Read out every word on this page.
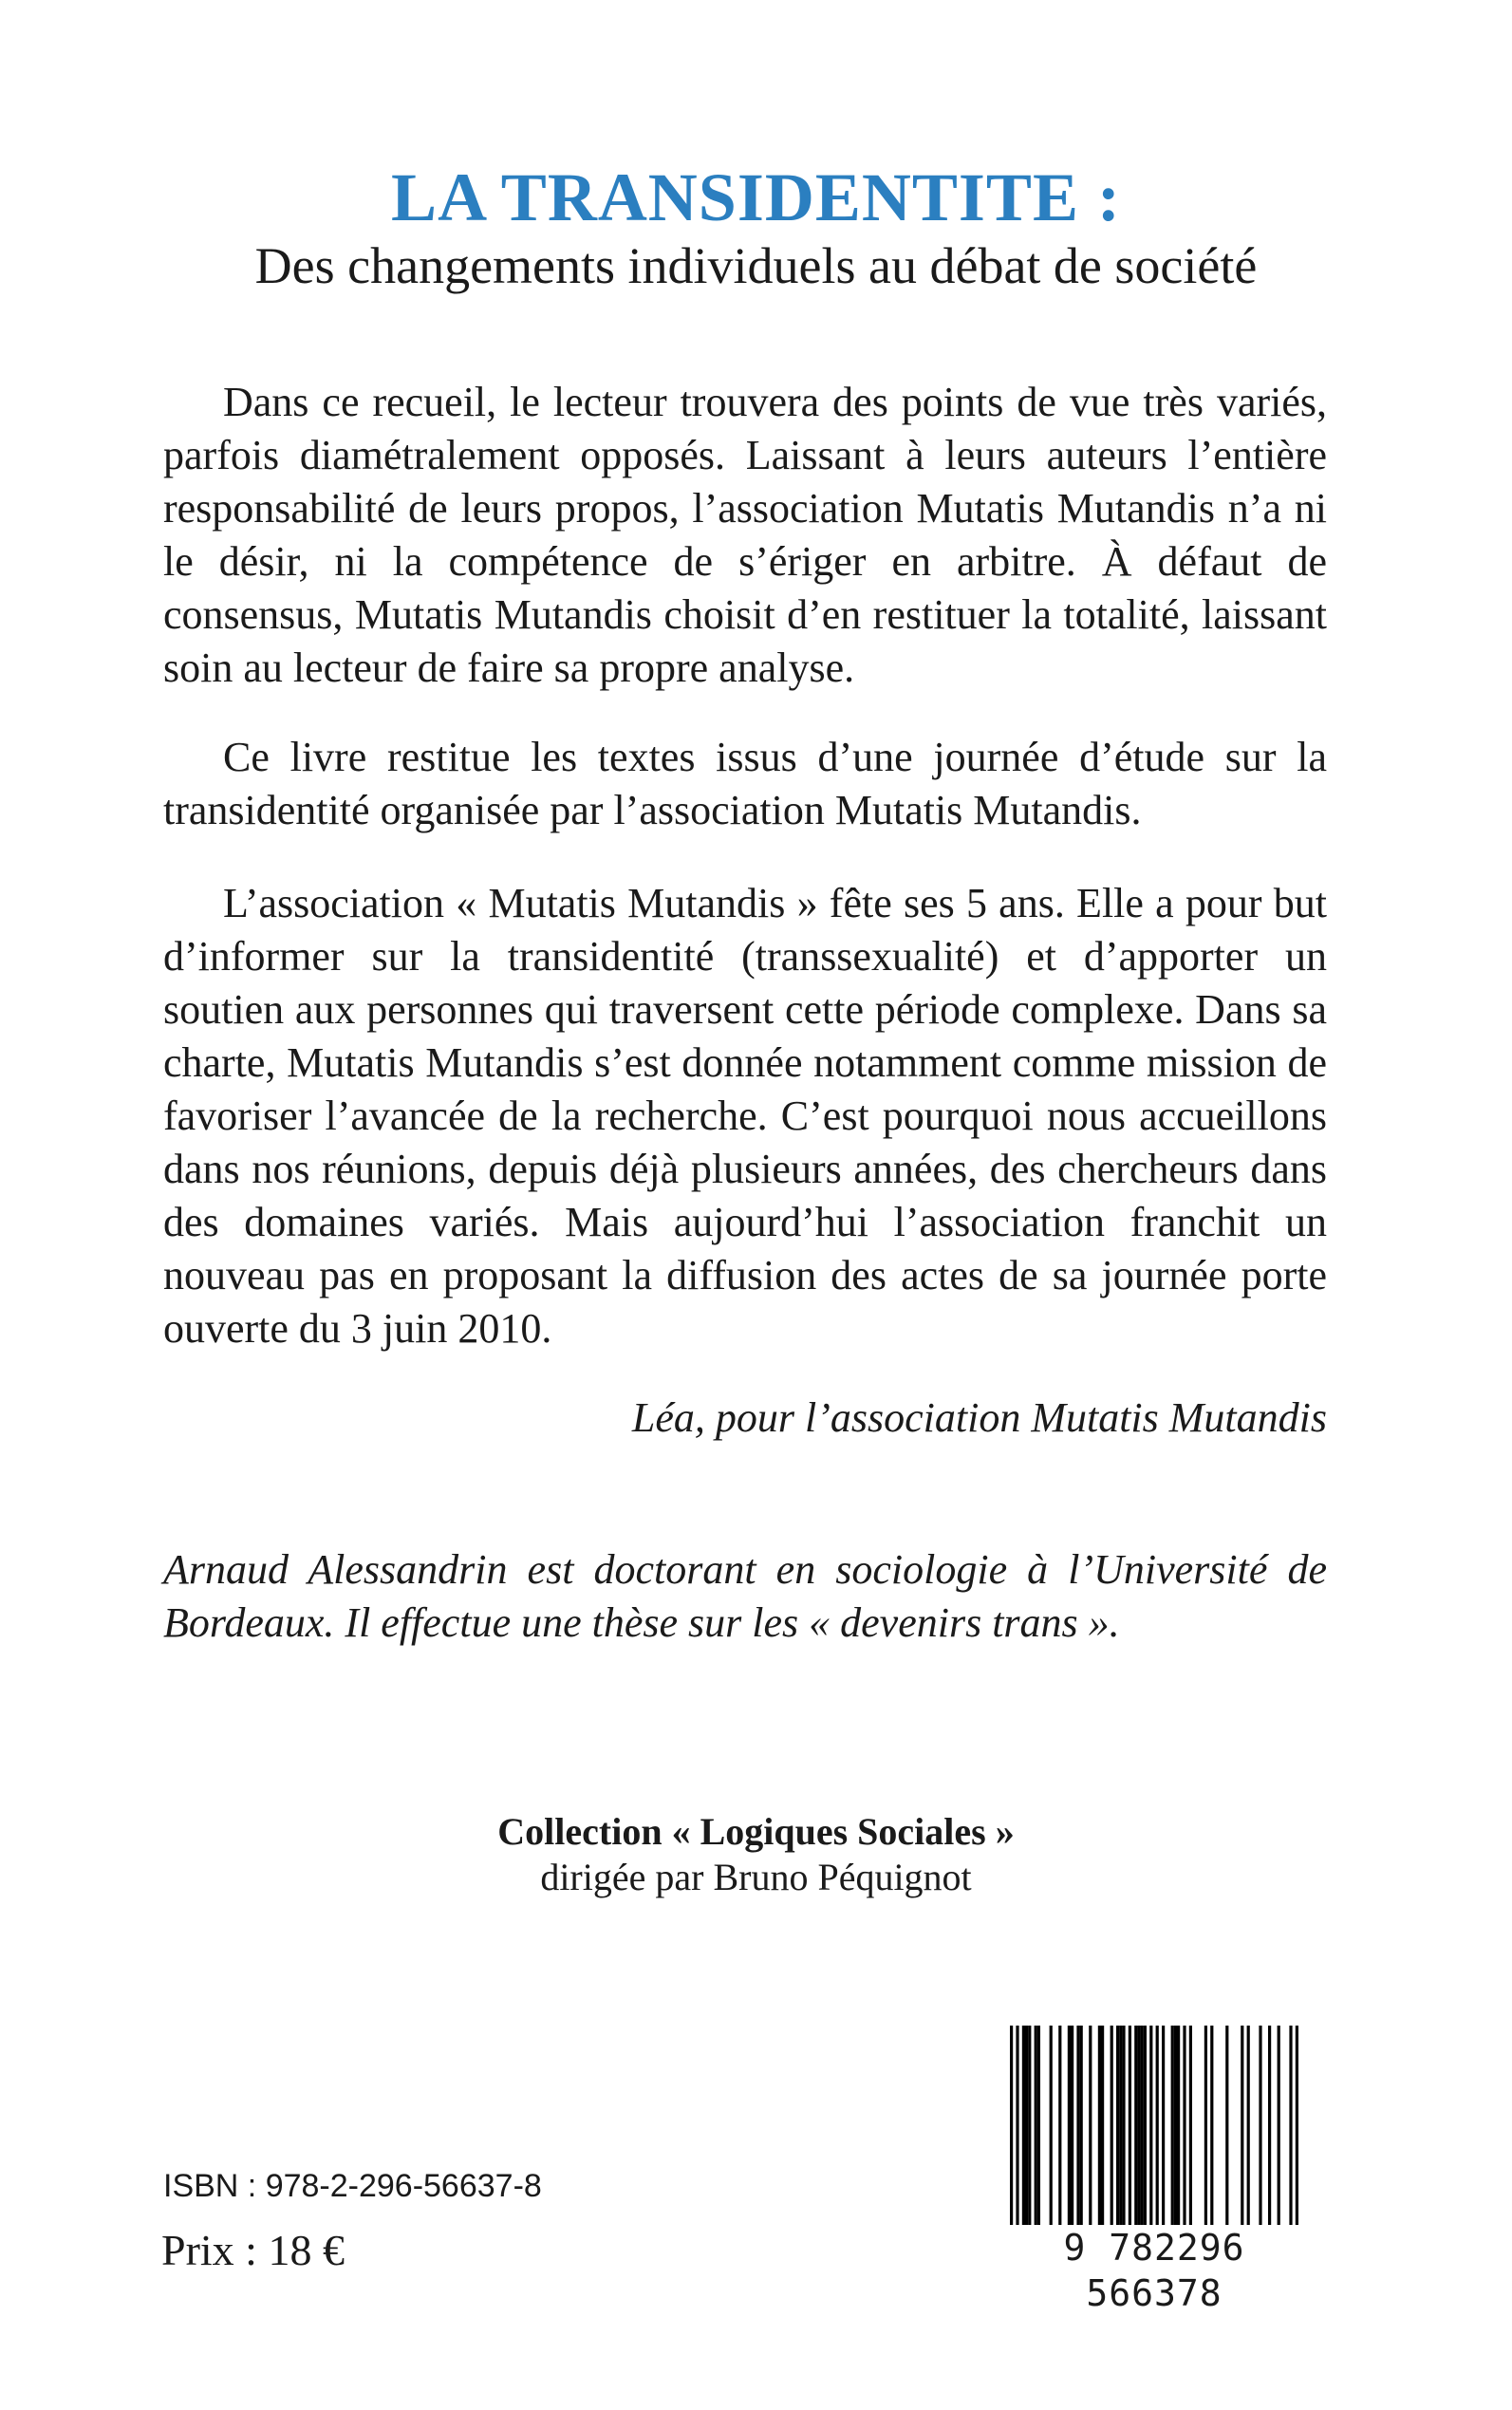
LA TRANSIDENTITE :
Des changements individuels au débat de société

Dans ce recueil, le lecteur trouvera des points de vue très variés, parfois diamétralement opposés. Laissant à leurs auteurs l’entière responsabilité de leurs propos, l’association Mutatis Mutandis n’a ni le désir, ni la compétence de s’ériger en arbitre. À défaut de consensus, Mutatis Mutandis choisit d’en restituer la totalité, laissant soin au lecteur de faire sa propre analyse.

Ce livre restitue les textes issus d’une journée d’étude sur la transidentité organisée par l’association Mutatis Mutandis.

L’association « Mutatis Mutandis » fête ses 5 ans. Elle a pour but d’informer sur la transidentité (transsexualité) et d’apporter un soutien aux personnes qui traversent cette période complexe. Dans sa charte, Mutatis Mutandis s’est donnée notamment comme mission de favoriser l’avancée de la recherche. C’est pourquoi nous accueillons dans nos réunions, depuis déjà plusieurs années, des chercheurs dans des domaines variés. Mais aujourd’hui l’association franchit un nouveau pas en proposant la diffusion des actes de sa journée porte ouverte du 3 juin 2010.

Léa, pour l’association Mutatis Mutandis

Arnaud Alessandrin est doctorant en sociologie à l’Université de Bordeaux. Il effectue une thèse sur les « devenirs trans ».

Collection « Logiques Sociales »
dirigée par Bruno Péquignot
ISBN : 978-2-296-56637-8
Prix : 18 €	9 782296 566378
